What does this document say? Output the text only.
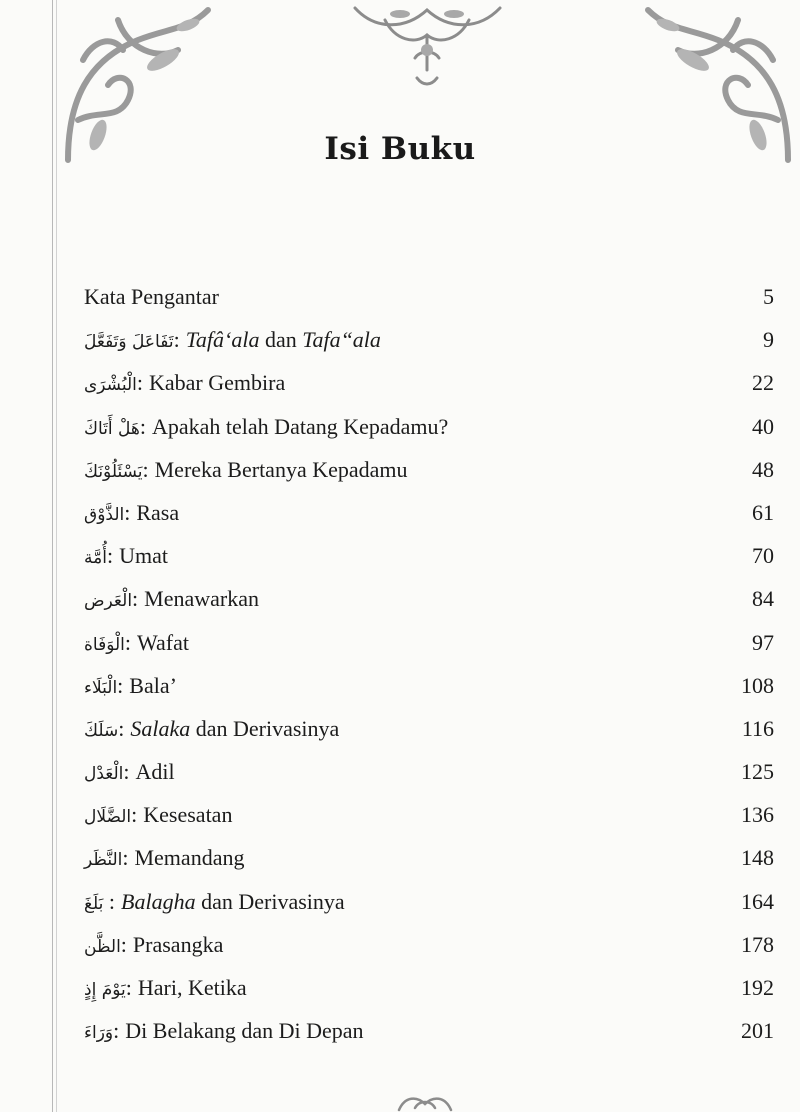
Isi Buku
Kata Pengantar	5
تَفَاعَلَ وَتَفَعَّلَ: Tafâ‘ala dan Tafa“ala	9
الْبُشْرَى: Kabar Gembira	22
هَلْ أَتَاكَ: Apakah telah Datang Kepadamu?	40
يَسْئَلُوْنَكَ: Mereka Bertanya Kepadamu	48
الذَّوْق: Rasa	61
أُمَّة: Umat	70
الْعَرض: Menawarkan	84
الْوَفَاة: Wafat	97
الْبَلَاء: Bala’	108
سَلَكَ: Salaka dan Derivasinya	116
الْعَدْل: Adil	125
الضَّلَال: Kesesatan	136
النَّظَر: Memandang	148
بَلَغَ : Balagha dan Derivasinya	164
الظَّن: Prasangka	178
يَوْمَ إِذٍ: Hari, Ketika	192
وَرَاءَ: Di Belakang dan Di Depan	201
